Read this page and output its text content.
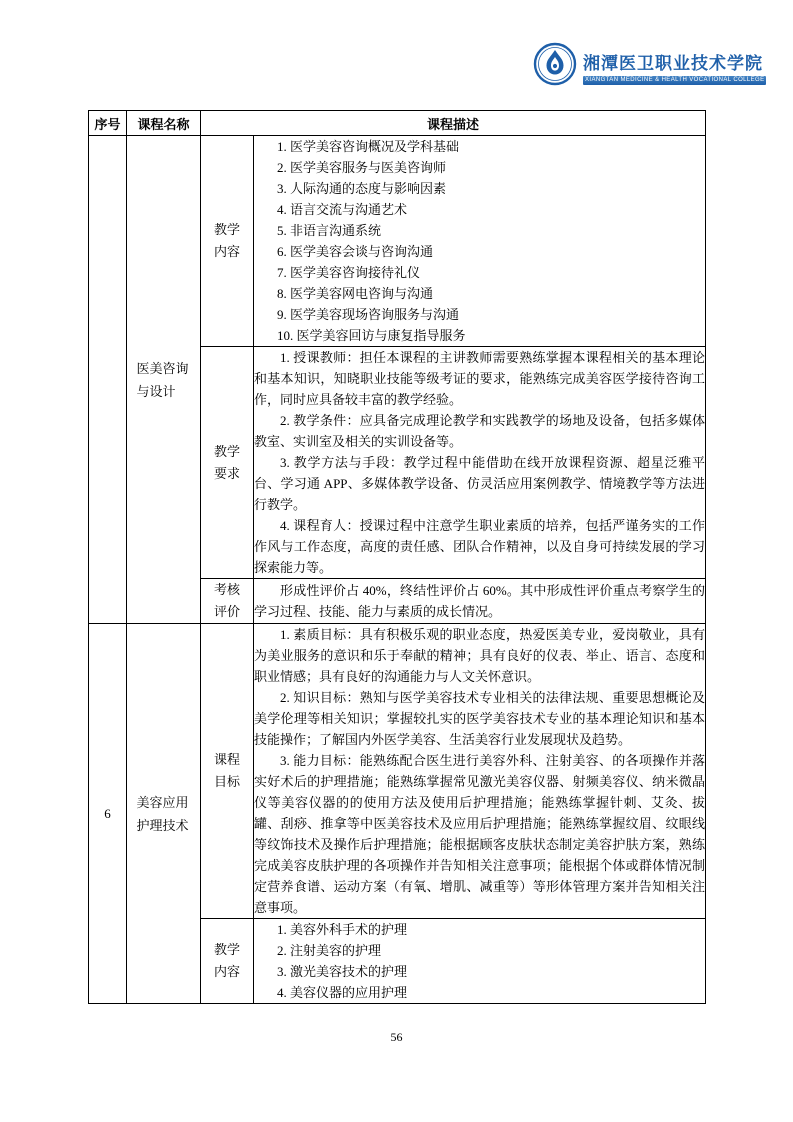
湘潭医卫职业技术学院
XIANGTAN MEDICINE & HEALTH VOCATIONAL COLLEGE
序号	课程名称	课程描述	
	医美咨询与设计	教学内容	
1. 医学美容咨询概况及学科基础
2. 医学美容服务与医美咨询师
3. 人际沟通的态度与影响因素
4. 语言交流与沟通艺术
5. 非语言沟通系统
6. 医学美容会谈与咨询沟通
7. 医学美容咨询接待礼仪
8. 医学美容网电咨询与沟通
9. 医学美容现场咨询服务与沟通
10. 医学美容回访与康复指导服务

		教学要求	1. 授课教师：担任本课程的主讲教师需要熟练掌握本课程相关的基本理论和基本知识，知晓职业技能等级考证的要求，能熟练完成美容医学接待咨询工作，同时应具备较丰富的教学经验。

2. 教学条件：应具备完成理论教学和实践教学的场地及设备，包括多媒体教室、实训室及相关的实训设备等。

3. 教学方法与手段：教学过程中能借助在线开放课程资源、超星泛雅平台、学习通 APP、多媒体教学设备、仿灵活应用案例教学、情境教学等方法进行教学。

4. 课程育人：授课过程中注意学生职业素质的培养，包括严谨务实的工作作风与工作态度，高度的责任感、团队合作精神，以及自身可持续发展的学习探索能力等。

		考核评价	形成性评价占 40%，终结性评价占 60%。其中形成性评价重点考察学生的学习过程、技能、能力与素质的成长情况。

6	美容应用护理技术	课程目标	1. 素质目标：具有积极乐观的职业态度，热爱医美专业，爱岗敬业，具有为美业服务的意识和乐于奉献的精神；具有良好的仪表、举止、语言、态度和职业情感；具有良好的沟通能力与人文关怀意识。

2. 知识目标：熟知与医学美容技术专业相关的法律法规、重要思想概论及美学伦理等相关知识；掌握较扎实的医学美容技术专业的基本理论知识和基本技能操作；了解国内外医学美容、生活美容行业发展现状及趋势。

3. 能力目标：能熟练配合医生进行美容外科、注射美容、的各项操作并落实好术后的护理措施；能熟练掌握常见激光美容仪器、射频美容仪、纳米微晶仪等美容仪器的的使用方法及使用后护理措施；能熟练掌握针刺、艾灸、拔罐、刮痧、推拿等中医美容技术及应用后护理措施；能熟练掌握纹眉、纹眼线等纹饰技术及操作后护理措施；能根据顾客皮肤状态制定美容护肤方案，熟练完成美容皮肤护理的各项操作并告知相关注意事项；能根据个体或群体情况制定营养食谱、运动方案（有氧、增肌、减重等）等形体管理方案并告知相关注意事项。

		教学内容	1. 美容外科手术的护理
2. 注射美容的护理
3. 激光美容技术的护理
4. 美容仪器的应用护理
56
